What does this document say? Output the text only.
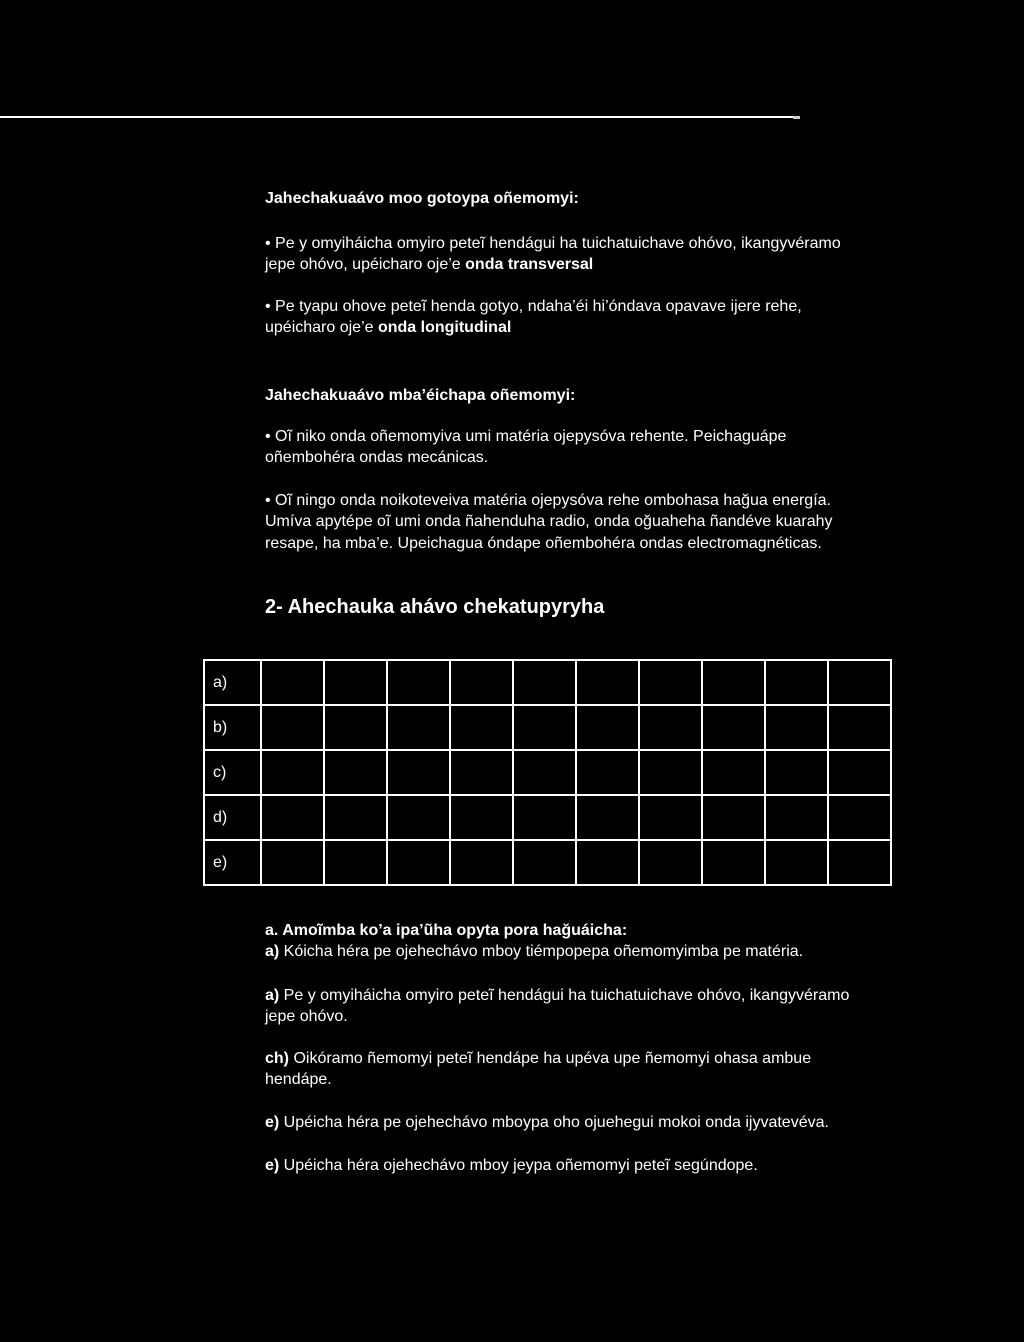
Jahechakuaávo moo gotoypa oñemomyi:
• Pe y omyiháicha omyiro peteĩ hendágui ha tuichatuichave ohóvo, ikangyvéramo
jepe ohóvo, upéicharo oje’e onda transversal
• Pe tyapu ohove peteĩ henda gotyo, ndaha’éi hi’óndava opavave ijere rehe,
upéicharo oje’e onda longitudinal
Jahechakuaávo mba’éichapa oñemomyi:
• Oĩ niko onda oñemomyiva umi matéria ojepysóva rehente. Peichaguápe
oñembohéra ondas mecánicas.
• Oĩ ningo onda noikoteveiva matéria ojepysóva rehe ombohasa hağua energía.
Umíva apytépe oĩ umi onda ñahenduha radio, onda oğuaheha ñandéve kuarahy
resape, ha mba’e. Upeichagua óndape oñembohéra ondas electromagnéticas.
2- Ahechauka ahávo chekatupyryha
a)										
b)										
c)										
d)										
e)										
a. Amoĩmba ko’a ipa’ũha opyta pora hağuáicha:
a) Kóicha héra pe ojehechávo mboy tiémpopepa oñemomyimba pe matéria.
a) Pe y omyiháicha omyiro peteĩ hendágui ha tuichatuichave ohóvo, ikangyvéramo
jepe ohóvo.
ch) Oikóramo ñemomyi peteĩ hendápe ha upéva upe ñemomyi ohasa ambue
hendápe.
e) Upéicha héra pe ojehechávo mboypa oho ojuehegui mokoi onda ijyvatevéva.
e) Upéicha héra ojehechávo mboy jeypa oñemomyi peteĩ segúndope.
